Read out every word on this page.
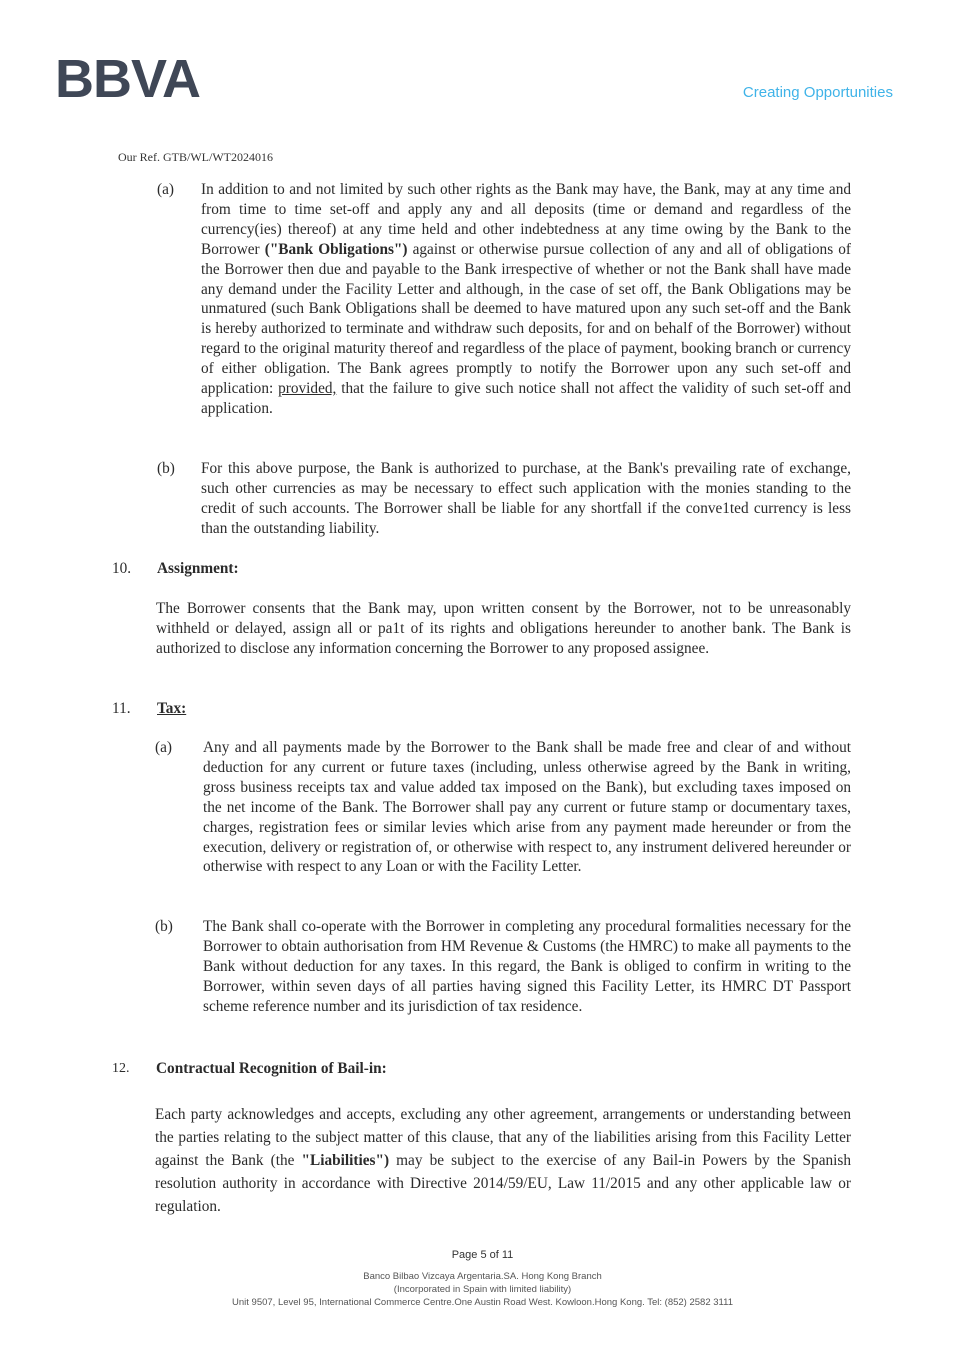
BBVA	Creating Opportunities
Our Ref. GTB/WL/WT2024016
(a) In addition to and not limited by such other rights as the Bank may have, the Bank, may at any time and from time to time set-off and apply any and all deposits (time or demand and regardless of the currency(ies) thereof) at any time held and other indebtedness at any time owing by the Bank to the Borrower ("Bank Obligations") against or otherwise pursue collection of any and all of obligations of the Borrower then due and payable to the Bank irrespective of whether or not the Bank shall have made any demand under the Facility Letter and although, in the case of set off, the Bank Obligations may be unmatured (such Bank Obligations shall be deemed to have matured upon any such set-off and the Bank is hereby authorized to terminate and withdraw such deposits, for and on behalf of the Borrower) without regard to the original maturity thereof and regardless of the place of payment, booking branch or currency of either obligation. The Bank agrees promptly to notify the Borrower upon any such set-off and application: provided, that the failure to give such notice shall not affect the validity of such set-off and application.

(b) For this above purpose, the Bank is authorized to purchase, at the Bank's prevailing rate of exchange, such other currencies as may be necessary to effect such application with the monies standing to the credit of such accounts. The Borrower shall be liable for any shortfall if the conve1ted currency is less than the outstanding liability.

10. Assignment:

The Borrower consents that the Bank may, upon written consent by the Borrower, not to be unreasonably withheld or delayed, assign all or pa1t of its rights and obligations hereunder to another bank. The Bank is authorized to disclose any information concerning the Borrower to any proposed assignee.

11. Tax:
(a) Any and all payments made by the Borrower to the Bank shall be made free and clear of and without deduction for any current or future taxes (including, unless otherwise agreed by the Bank in writing, gross business receipts tax and value added tax imposed on the Bank), but excluding taxes imposed on the net income of the Bank. The Borrower shall pay any current or future stamp or documentary taxes, charges, registration fees or similar levies which arise from any payment made hereunder or from the execution, delivery or registration of, or otherwise with respect to, any instrument delivered hereunder or otherwise with respect to any Loan or with the Facility Letter.

(b) The Bank shall co-operate with the Borrower in completing any procedural formalities necessary for the Borrower to obtain authorisation from HM Revenue & Customs (the HMRC) to make all payments to the Bank without deduction for any taxes. In this regard, the Bank is obliged to confirm in writing to the Borrower, within seven days of all parties having signed this Facility Letter, its HMRC DT Passport scheme reference number and its jurisdiction of tax residence.

12. Contractual Recognition of Bail-in:

Each party acknowledges and accepts, excluding any other agreement, arrangements or understanding between the parties relating to the subject matter of this clause, that any of the liabilities arising from this Facility Letter against the Bank (the "Liabilities") may be subject to the exercise of any Bail-in Powers by the Spanish resolution authority in accordance with Directive 2014/59/EU, Law 11/2015 and any other applicable law or regulation.

Page 5 of 11
Banco Bilbao Vizcaya Argentaria.SA. Hong Kong Branch
(Incorporated in Spain with limited liability)
Unit 9507, Level 95, International Commerce Centre.One Austin Road West. Kowloon.Hong Kong. Tel: (852) 2582 3111
